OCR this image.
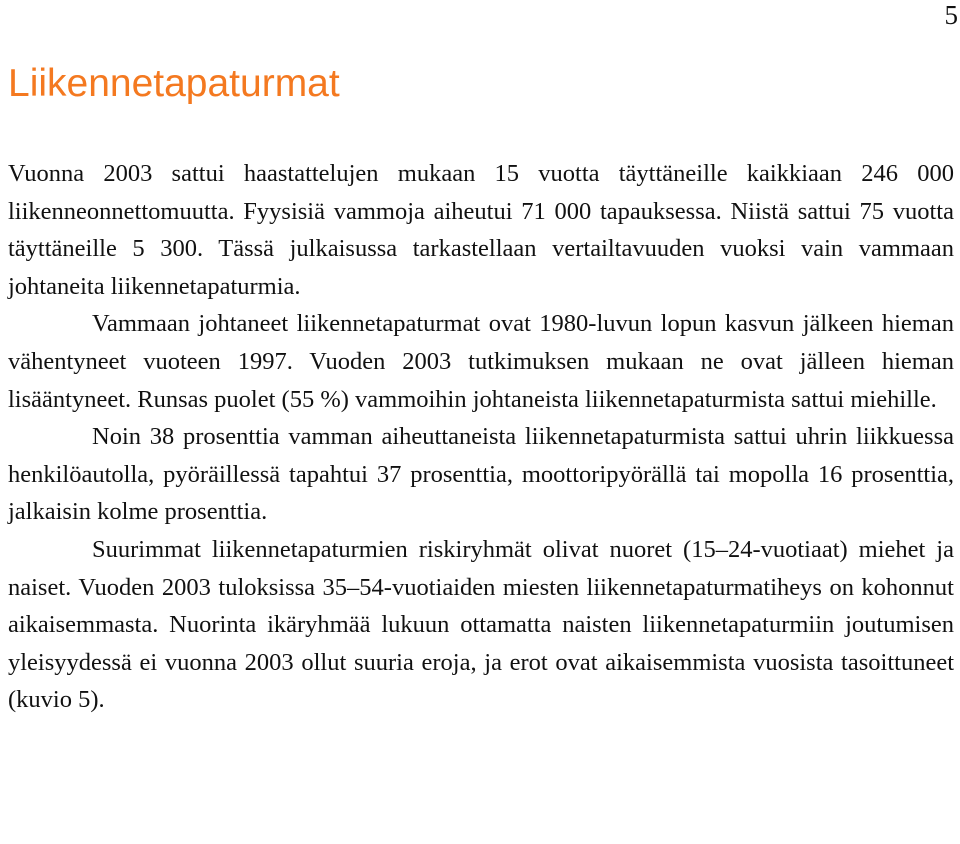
5
Liikennetapaturmat

Vuonna 2003 sattui haastattelujen mukaan 15 vuotta täyttäneille kaikkiaan 246 000 liikenneonnettomuutta. Fyysisiä vammoja aiheutui 71 000 tapauksessa. Niistä sattui 75 vuotta täyttäneille 5 300. Tässä julkaisussa tarkastellaan vertailtavuuden vuoksi vain vammaan johtaneita liikennetapaturmia.

Vammaan johtaneet liikennetapaturmat ovat 1980-luvun lopun kasvun jälkeen hieman vähentyneet vuoteen 1997. Vuoden 2003 tutkimuksen mukaan ne ovat jälleen hieman lisääntyneet. Runsas puolet (55 %) vammoihin johtaneista liikennetapaturmista sattui miehille.

Noin 38 prosenttia vamman aiheuttaneista liikennetapaturmista sattui uhrin liikkuessa henkilöautolla, pyöräillessä tapahtui 37 prosenttia, moottoripyörällä tai mopolla 16 prosenttia, jalkaisin kolme prosenttia.

Suurimmat liikennetapaturmien riskiryhmät olivat nuoret (15–24-vuotiaat) miehet ja naiset. Vuoden 2003 tuloksissa 35–54-vuotiaiden miesten liikennetapaturmatiheys on kohonnut aikaisemmasta. Nuorinta ikäryhmää lukuun ottamatta naisten liikennetapaturmiin joutumisen yleisyydessä ei vuonna 2003 ollut suuria eroja, ja erot ovat aikaisemmista vuosista tasoittuneet (kuvio 5).
